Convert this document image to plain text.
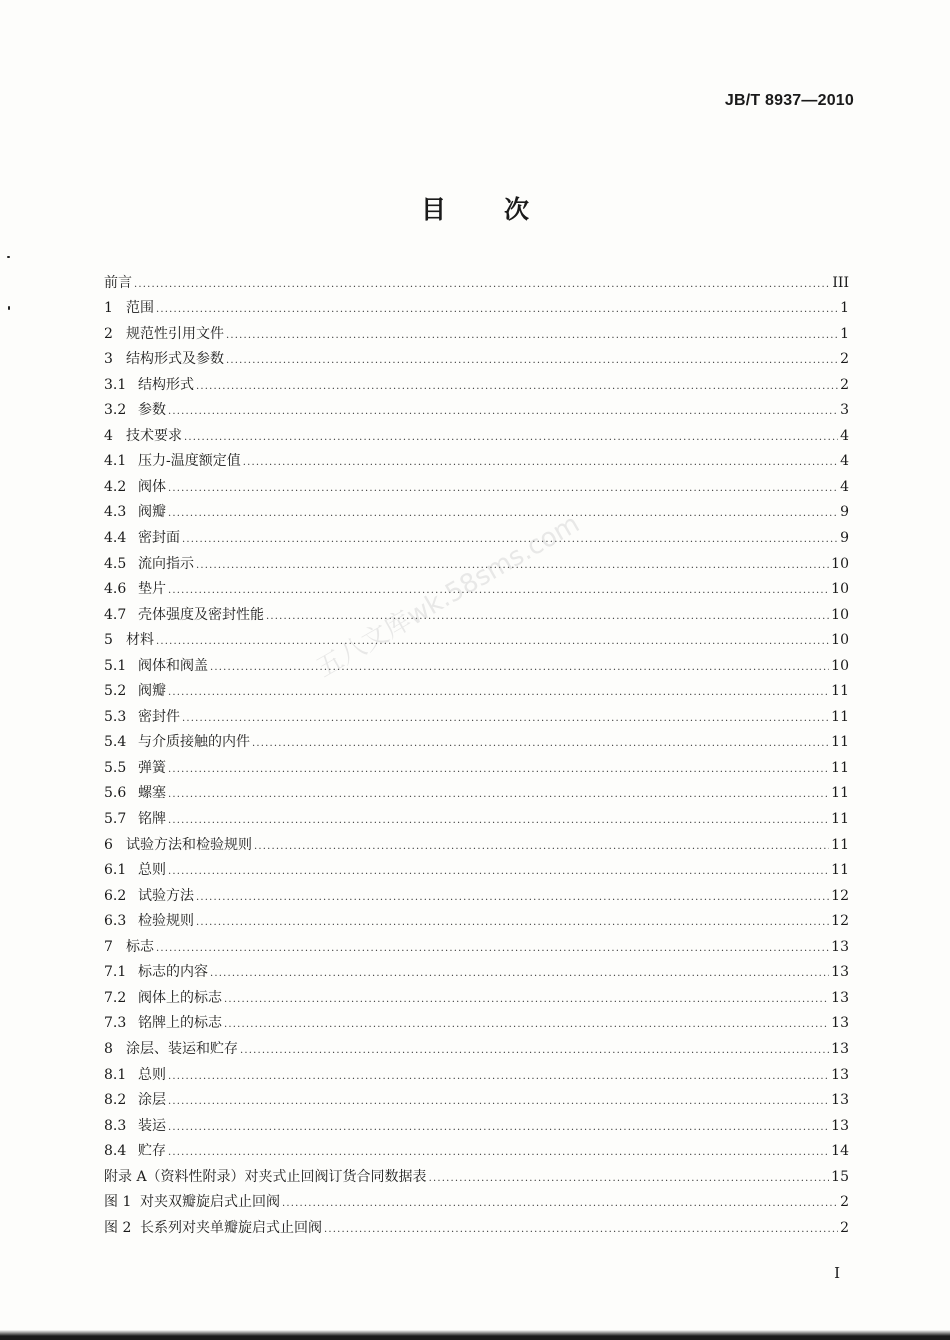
JB/T 8937—2010
目次
五八文库wk.58sms.com
前言 .....	III
1 范围 .....	1
2 规范性引用文件 .....	1
3 结构形式及参数 .....	2
3.1 结构形式 .....	2
3.2 参数 .....	3
4 技术要求 .....	4
4.1 压力-温度额定值 .....	4
4.2 阀体 .....	4
4.3 阀瓣 .....	9
4.4 密封面 .....	9
4.5 流向指示 .....	10
4.6 垫片 .....	10
4.7 壳体强度及密封性能 .....	10
5 材料 .....	10
5.1 阀体和阀盖 .....	10
5.2 阀瓣 .....	11
5.3 密封件 .....	11
5.4 与介质接触的内件 .....	11
5.5 弹簧 .....	11
5.6 螺塞 .....	11
5.7 铭牌 .....	11
6 试验方法和检验规则 .....	11
6.1 总则 .....	11
6.2 试验方法 .....	12
6.3 检验规则 .....	12
7 标志 .....	13
7.1 标志的内容 .....	13
7.2 阀体上的标志 .....	13
7.3 铭牌上的标志 .....	13
8 涂层、装运和贮存 .....	13
8.1 总则 .....	13
8.2 涂层 .....	13
8.3 装运 .....	13
8.4 贮存 .....	14
附录 A（资料性附录）对夹式止回阀订货合同数据表 .....	15
图 1 对夹双瓣旋启式止回阀 .....	2
图 2 长系列对夹单瓣旋启式止回阀 .....	2
I
